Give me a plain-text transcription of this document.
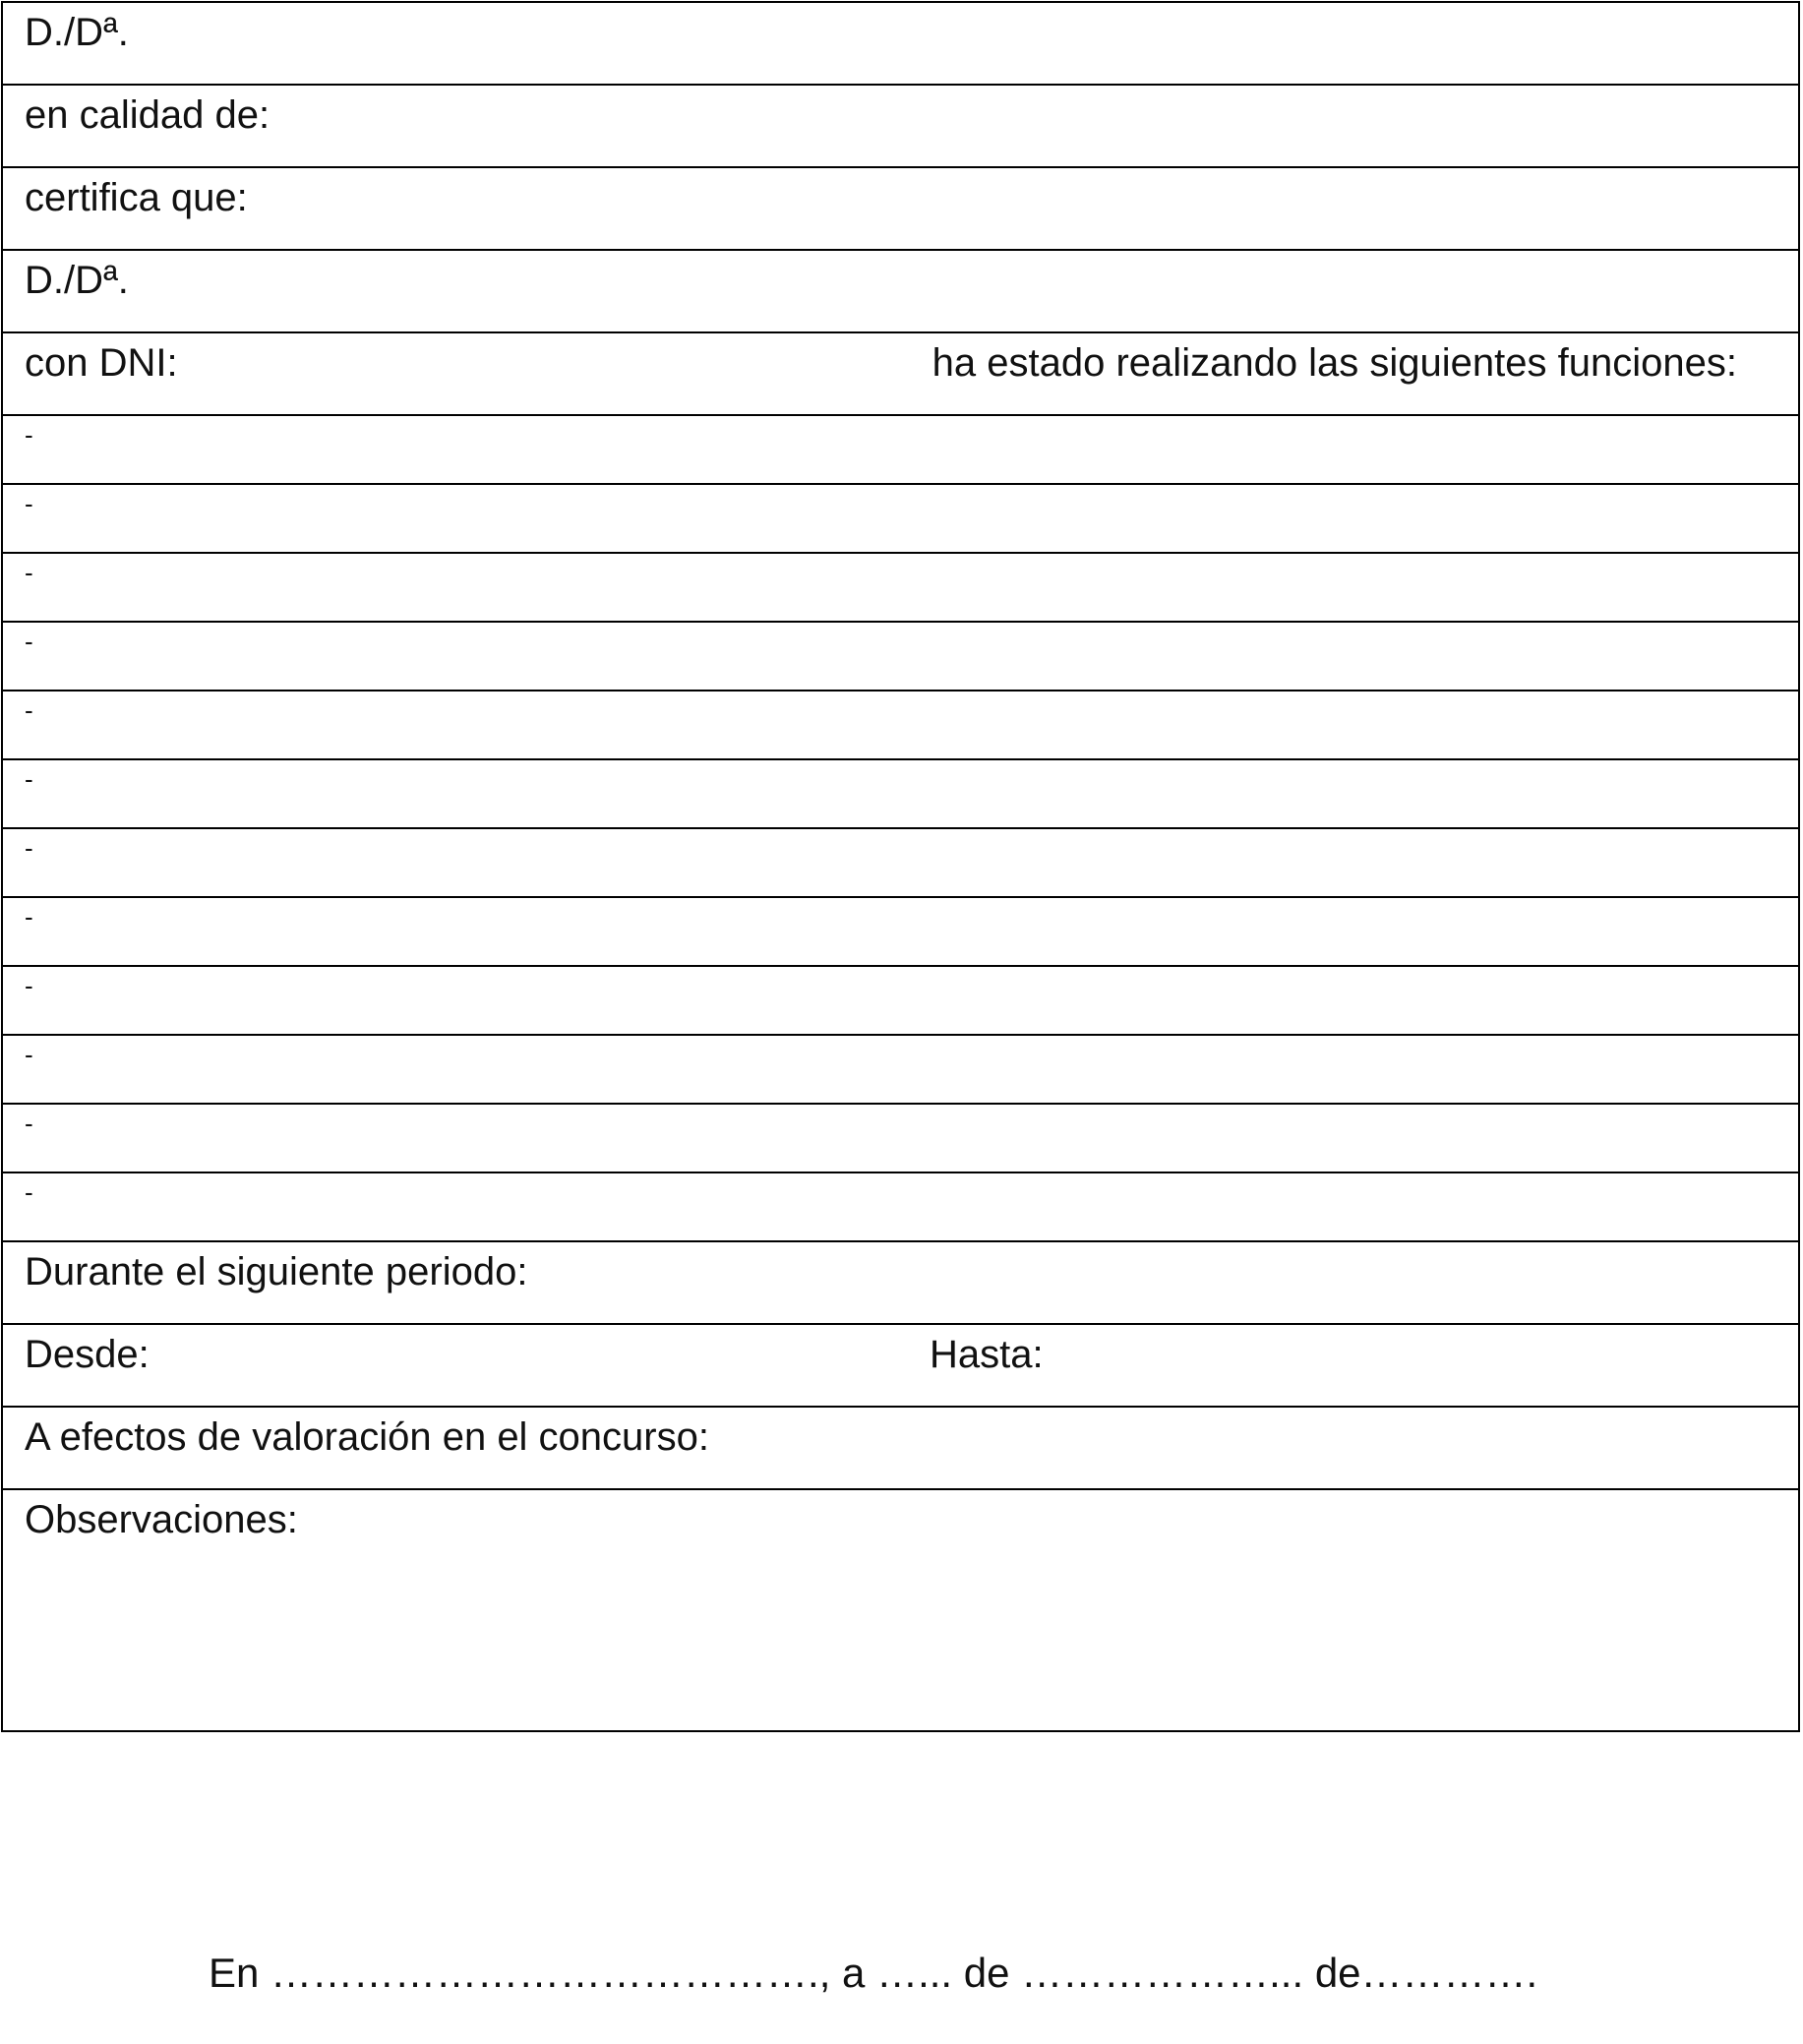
D./Dª.

en calidad de:

certifica que:

D./Dª.

con DNI:	ha estado realizando las siguientes funciones:

-

-

-

-

-

-

-

-

-

-

-

-

Durante el siguiente periodo:

Desde:	Hasta:

A efectos de valoración en el concurso:

Observaciones:
En …………………………………., a …... de ………………... de………….
